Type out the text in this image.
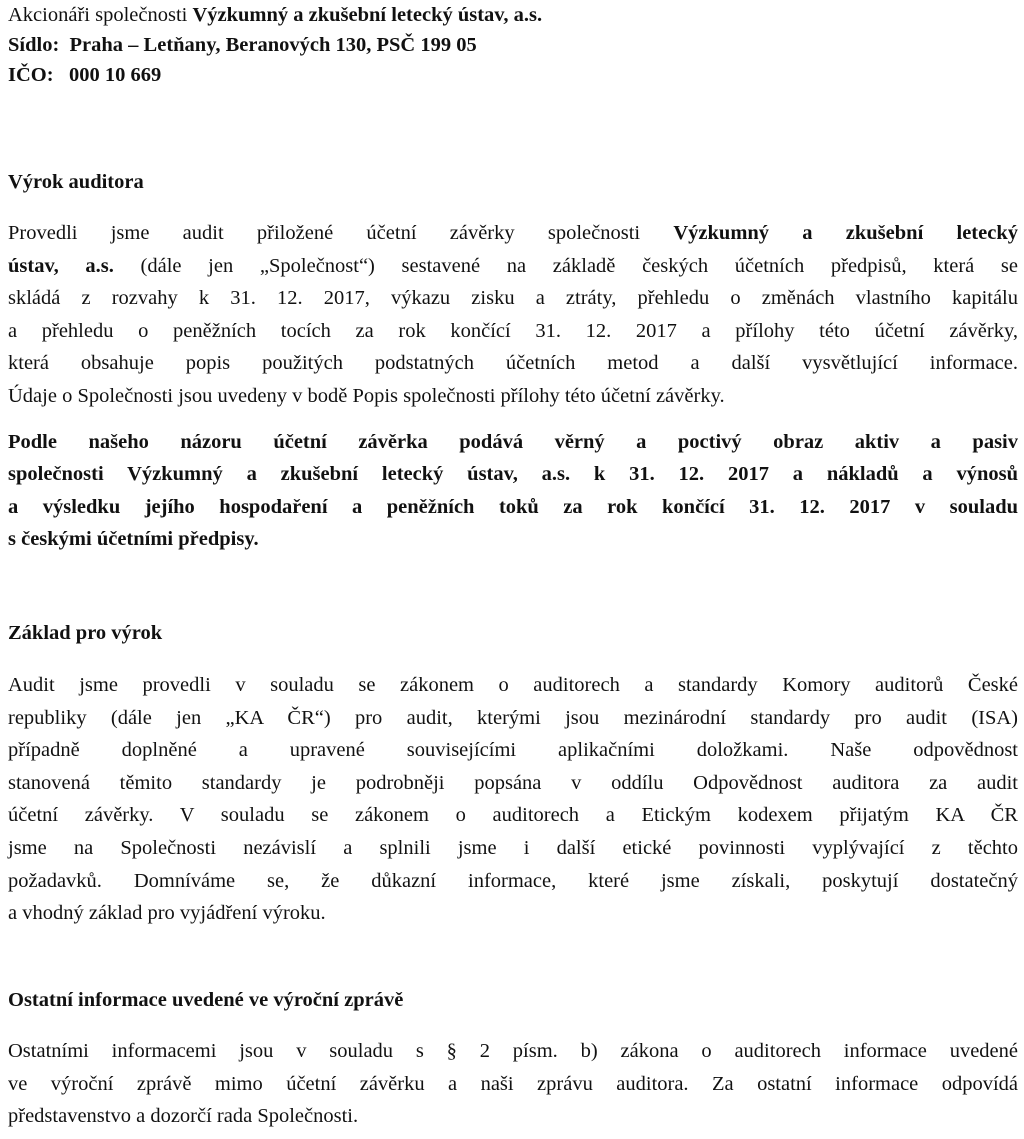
Akcionáři společnosti Výzkumný a zkušební letecký ústav, a.s.
Sídlo: Praha – Letňany, Beranových 130, PSČ 199 05
IČO: 000 10 669
Výrok auditora
Provedli jsme audit přiložené účetní závěrky společnosti Výzkumný a zkušební letecký
ústav, a.s. (dále jen „Společnost“) sestavené na základě českých účetních předpisů, která se
skládá z rozvahy k 31. 12. 2017, výkazu zisku a ztráty, přehledu o změnách vlastního kapitálu
a přehledu o peněžních tocích za rok končící 31. 12. 2017 a přílohy této účetní závěrky,
která obsahuje popis použitých podstatných účetních metod a další vysvětlující informace.
Údaje o Společnosti jsou uvedeny v bodě Popis společnosti přílohy této účetní závěrky.
Podle našeho názoru účetní závěrka podává věrný a poctivý obraz aktiv a pasiv
společnosti Výzkumný a zkušební letecký ústav, a.s. k 31. 12. 2017 a nákladů a výnosů
a výsledku jejího hospodaření a peněžních toků za rok končící 31. 12. 2017 v souladu
s českými účetními předpisy.
Základ pro výrok
Audit jsme provedli v souladu se zákonem o auditorech a standardy Komory auditorů České
republiky (dále jen „KA ČR“) pro audit, kterými jsou mezinárodní standardy pro audit (ISA)
případně doplněné a upravené souvisejícími aplikačními doložkami. Naše odpovědnost
stanovená těmito standardy je podrobněji popsána v oddílu Odpovědnost auditora za audit
účetní závěrky. V souladu se zákonem o auditorech a Etickým kodexem přijatým KA ČR
jsme na Společnosti nezávislí a splnili jsme i další etické povinnosti vyplývající z těchto
požadavků. Domníváme se, že důkazní informace, které jsme získali, poskytují dostatečný
a vhodný základ pro vyjádření výroku.
Ostatní informace uvedené ve výroční zprávě
Ostatními informacemi jsou v souladu s § 2 písm. b) zákona o auditorech informace uvedené
ve výroční zprávě mimo účetní závěrku a naši zprávu auditora. Za ostatní informace odpovídá
představenstvo a dozorčí rada Společnosti.
